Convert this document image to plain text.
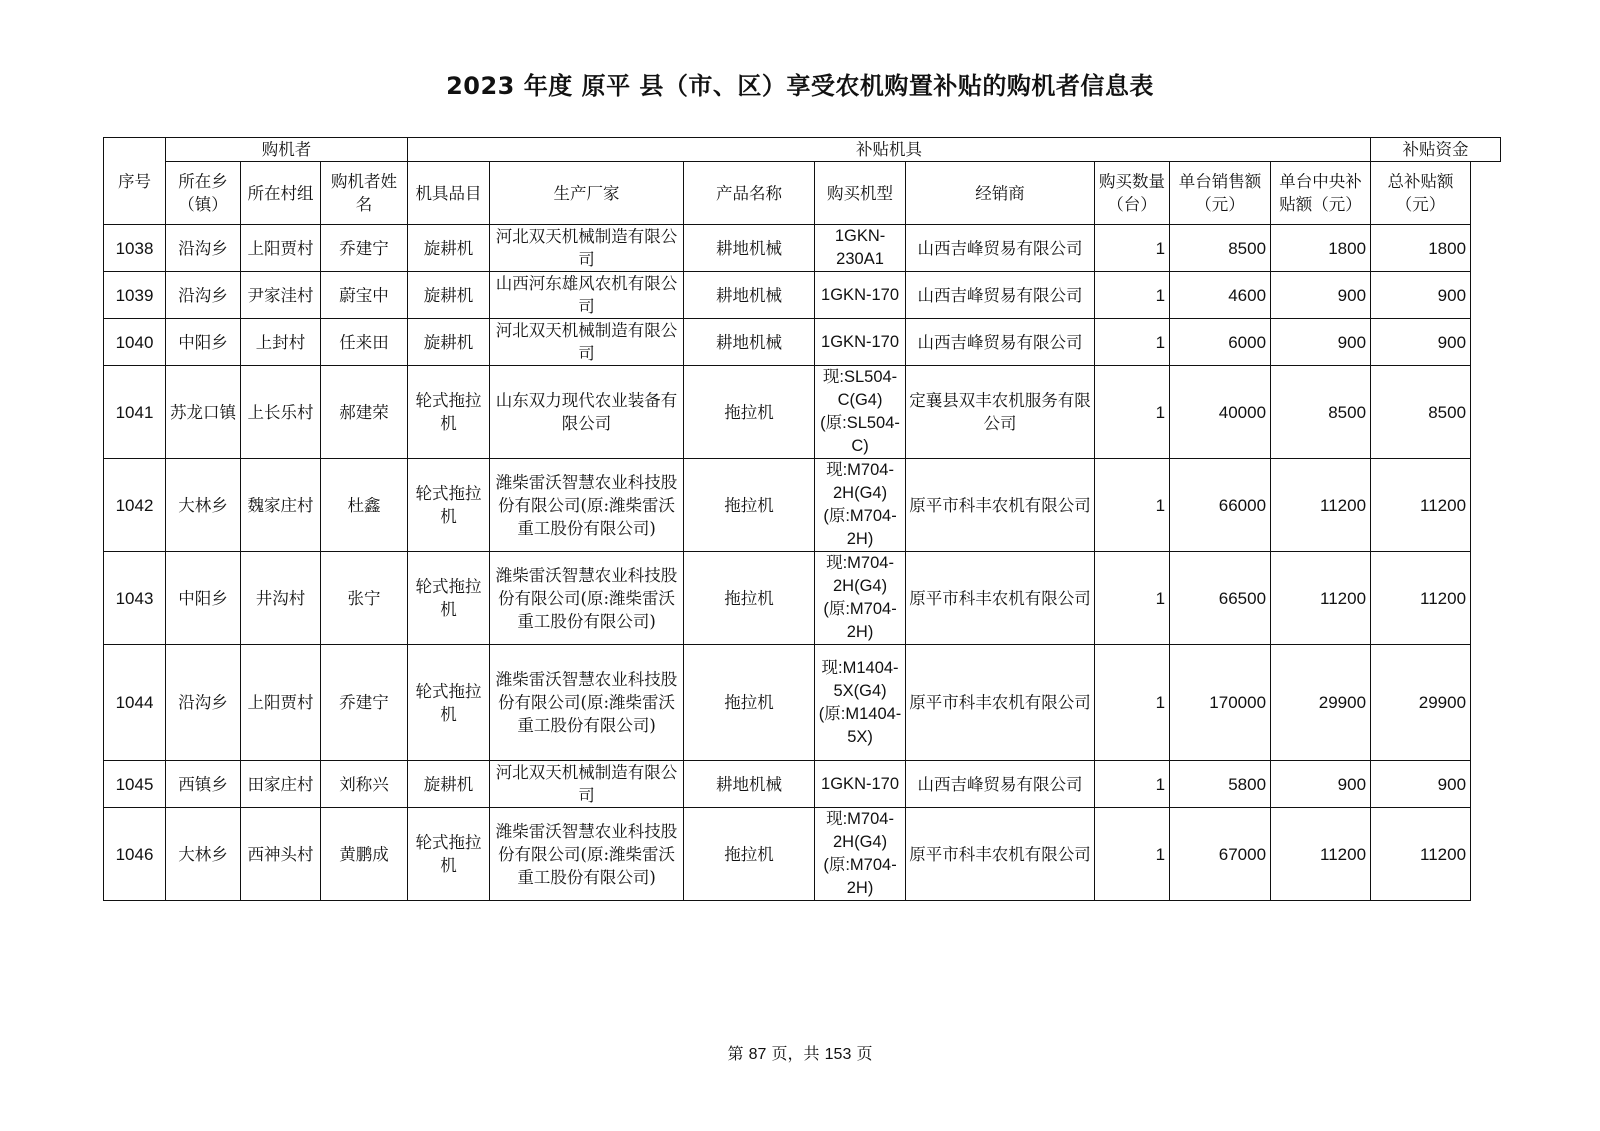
2023 年度 原平 县（市、区）享受农机购置补贴的购机者信息表
序号	购机者			补贴机具								补贴资金
	所在乡（镇）	所在村组	购机者姓名	机具品目	生产厂家	产品名称	购买机型	经销商	购买数量（台）	单台销售额（元）	单台中央补贴额（元）	总补贴额（元）
1038	沿沟乡	上阳贾村	乔建宁	旋耕机	河北双天机械制造有限公司	耕地机械	1GKN-230A1	山西吉峰贸易有限公司	1	8500	1800	1800
1039	沿沟乡	尹家洼村	蔚宝中	旋耕机	山西河东雄风农机有限公司	耕地机械	1GKN-170	山西吉峰贸易有限公司	1	4600	900	900
1040	中阳乡	上封村	任来田	旋耕机	河北双天机械制造有限公司	耕地机械	1GKN-170	山西吉峰贸易有限公司	1	6000	900	900
1041	苏龙口镇	上长乐村	郝建荣	轮式拖拉机	山东双力现代农业装备有限公司	拖拉机	现:SL504-C(G4)(原:SL504-C)	定襄县双丰农机服务有限公司	1	40000	8500	8500
1042	大林乡	魏家庄村	杜鑫	轮式拖拉机	潍柴雷沃智慧农业科技股份有限公司(原:潍柴雷沃重工股份有限公司)	拖拉机	现:M704-2H(G4)(原:M704-2H)	原平市科丰农机有限公司	1	66000	11200	11200
1043	中阳乡	井沟村	张宁	轮式拖拉机	潍柴雷沃智慧农业科技股份有限公司(原:潍柴雷沃重工股份有限公司)	拖拉机	现:M704-2H(G4)(原:M704-2H)	原平市科丰农机有限公司	1	66500	11200	11200
1044	沿沟乡	上阳贾村	乔建宁	轮式拖拉机	潍柴雷沃智慧农业科技股份有限公司(原:潍柴雷沃重工股份有限公司)	拖拉机	现:M1404-5X(G4)(原:M1404-5X)	原平市科丰农机有限公司	1	170000	29900	29900
1045	西镇乡	田家庄村	刘称兴	旋耕机	河北双天机械制造有限公司	耕地机械	1GKN-170	山西吉峰贸易有限公司	1	5800	900	900
1046	大林乡	西神头村	黄鹏成	轮式拖拉机	潍柴雷沃智慧农业科技股份有限公司(原:潍柴雷沃重工股份有限公司)	拖拉机	现:M704-2H(G4)(原:M704-2H)	原平市科丰农机有限公司	1	67000	11200	11200
第 87 页，共 153 页
